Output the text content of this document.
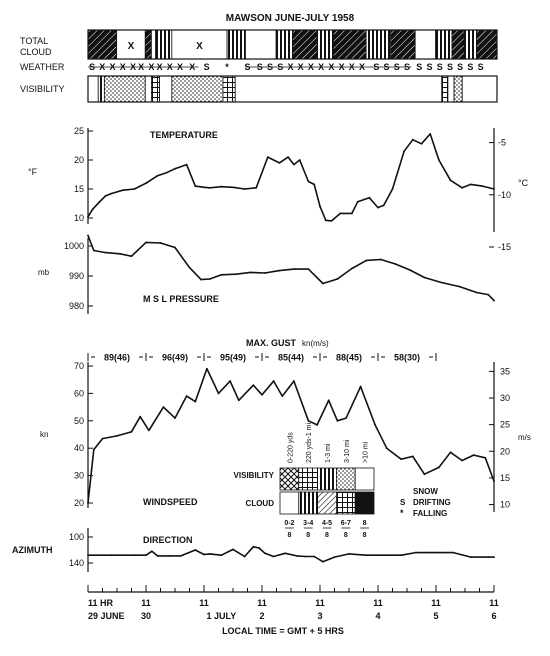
MAWSON JUNE-JULY 1958
TOTAL
CLOUD
WEATHER
VISIBILITY
X	X
S X X X X X X X X X X S * S S S S X X X X X X X X S S S S S S S S S S S
TEMPERATURE
°F
°C
10
15
20
25
-15
-10
-5
M S L PRESSURE
mb
980
990
1000
MAX. GUST kn(m/s)
89(46)	96(49)	95(49)	85(44)	88(45)	58(30)
WINDSPEED
kn	m/s
20
30
40
50
60
70
10
15
20
25
30
35
DIRECTION
AZIMUTH
100
140
VISIBILITY
CLOUD
0-220 yds
0-2
8
220 yds-1 mi
3-4
8
1-3 mi
4-5
8
3-10 mi
6-7
8
>10 mi
8
8
SNOW
S DRIFTING
* FALLING
LOCAL TIME = GMT + 5 HRS
11 HR	11	11	11	11	11	11	11
29 JUNE 30	1 JULY	2	3	4	5	6
